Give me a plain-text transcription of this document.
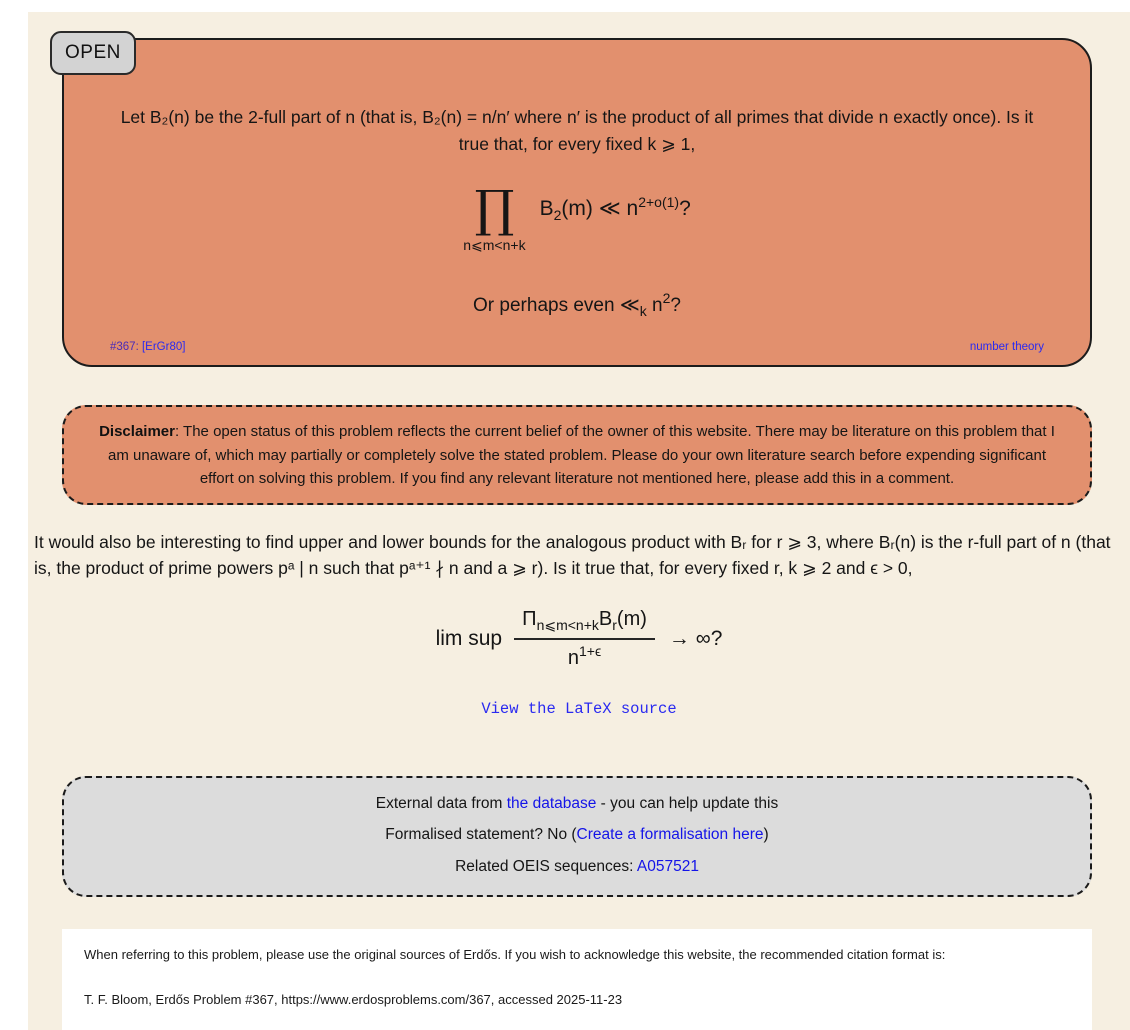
OPEN

Let B₂(n) be the 2-full part of n (that is, B₂(n) = n/n′ where n′ is the product of all primes that divide n exactly once). Is it true that, for every fixed k ⩾ 1,

∏
n⩽m<n+k
$B_2(m)$ ≪ $n^{2+o(1)}$?

Or perhaps even $≪_k$ $n^2$?

#367: [ErGr80]	number theory
Disclaimer: The open status of this problem reflects the current belief of the owner of this website. There may be literature on this problem that I am unaware of, which may partially or completely solve the stated problem. Please do your own literature search before expending significant effort on solving this problem. If you find any relevant literature not mentioned here, please add this in a comment.

It would also be interesting to find upper and lower bounds for the analogous product with Bᵣ for r ⩾ 3, where Bᵣ(n) is the r-full part of n (that is, the product of prime powers pᵃ | n such that pᵃ⁺¹ ∤ n and a ⩾ r). Is it true that, for every fixed r, k ⩾ 2 and ϵ > 0,

lim sup $\frac{\Pi_{n⩽m<n+k}B_r(m)}{n^{1+\epsilon}}$ → ∞?
View the LaTeX source

External data from the database - you can help update this

Formalised statement? No (Create a formalisation here)

Related OEIS sequences: A057521

When referring to this problem, please use the original sources of Erdős. If you wish to acknowledge this website, the recommended citation format is:

T. F. Bloom, Erdős Problem #367, https://www.erdosproblems.com/367, accessed 2025-11-23
